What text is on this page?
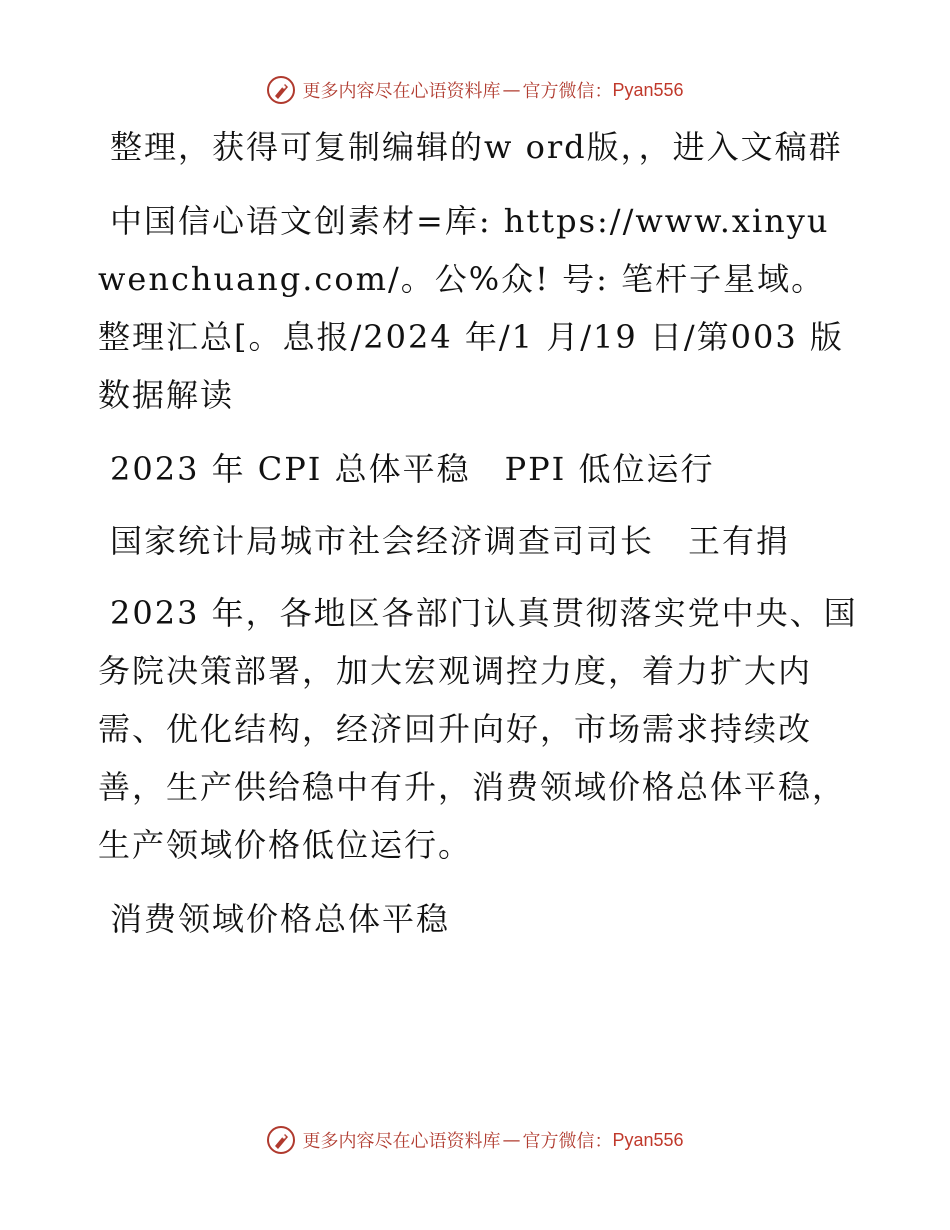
更多内容尽在心语资料库 — 官方微信： Pyan556

整理，获得可复制编辑的w ord版，，进入文稿群

中国信心语文创素材=库: https://www.xinyuwenchuang.com/。公%众! 号: 笔杆子星域。整理汇总[。息报/2024 年/1 月/19 日/第003 版数据解读

2023 年 CPI 总体平稳　PPI 低位运行

国家统计局城市社会经济调查司司长　王有捐

2023 年，各地区各部门认真贯彻落实党中央、国务院决策部署，加大宏观调控力度，着力扩大内需、优化结构，经济回升向好，市场需求持续改善，生产供给稳中有升，消费领域价格总体平稳，生产领域价格低位运行。

消费领域价格总体平稳

更多内容尽在心语资料库 — 官方微信： Pyan556
